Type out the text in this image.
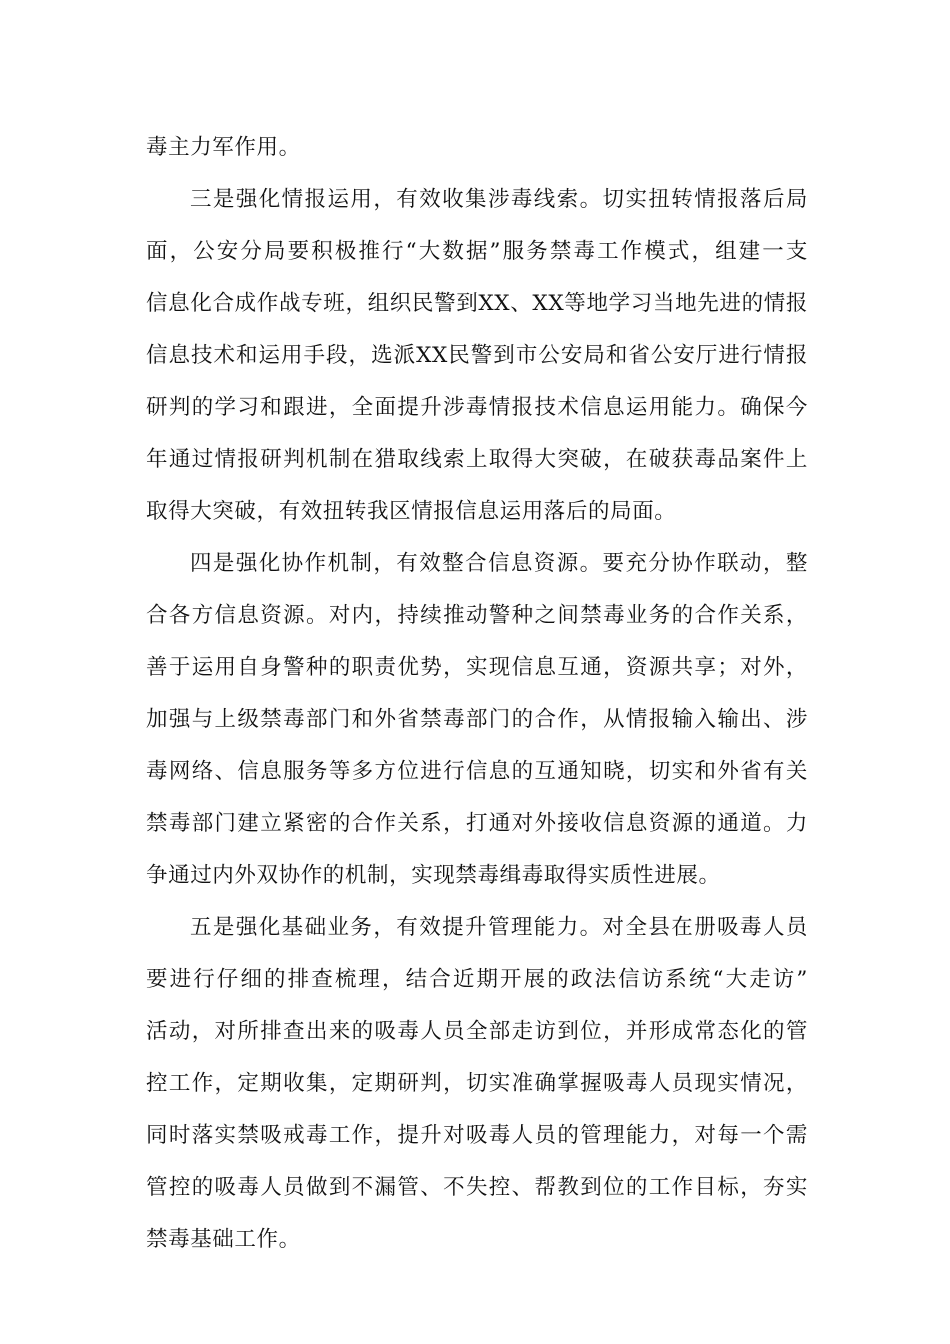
毒主力军作用。
三是强化情报运用，有效收集涉毒线索。切实扭转情报落后局
面，公安分局要积极推行“大数据”服务禁毒工作模式，组建一支
信息化合成作战专班，组织民警到XX、XX等地学习当地先进的情报
信息技术和运用手段，选派XX民警到市公安局和省公安厅进行情报
研判的学习和跟进，全面提升涉毒情报技术信息运用能力。确保今
年通过情报研判机制在猎取线索上取得大突破，在破获毒品案件上
取得大突破，有效扭转我区情报信息运用落后的局面。
四是强化协作机制，有效整合信息资源。要充分协作联动，整
合各方信息资源。对内，持续推动警种之间禁毒业务的合作关系，
善于运用自身警种的职责优势，实现信息互通，资源共享；对外，
加强与上级禁毒部门和外省禁毒部门的合作，从情报输入输出、涉
毒网络、信息服务等多方位进行信息的互通知晓，切实和外省有关
禁毒部门建立紧密的合作关系，打通对外接收信息资源的通道。力
争通过内外双协作的机制，实现禁毒缉毒取得实质性进展。
五是强化基础业务，有效提升管理能力。对全县在册吸毒人员
要进行仔细的排查梳理，结合近期开展的政法信访系统“大走访”
活动，对所排查出来的吸毒人员全部走访到位，并形成常态化的管
控工作，定期收集，定期研判，切实准确掌握吸毒人员现实情况，
同时落实禁吸戒毒工作，提升对吸毒人员的管理能力，对每一个需
管控的吸毒人员做到不漏管、不失控、帮教到位的工作目标，夯实
禁毒基础工作。
